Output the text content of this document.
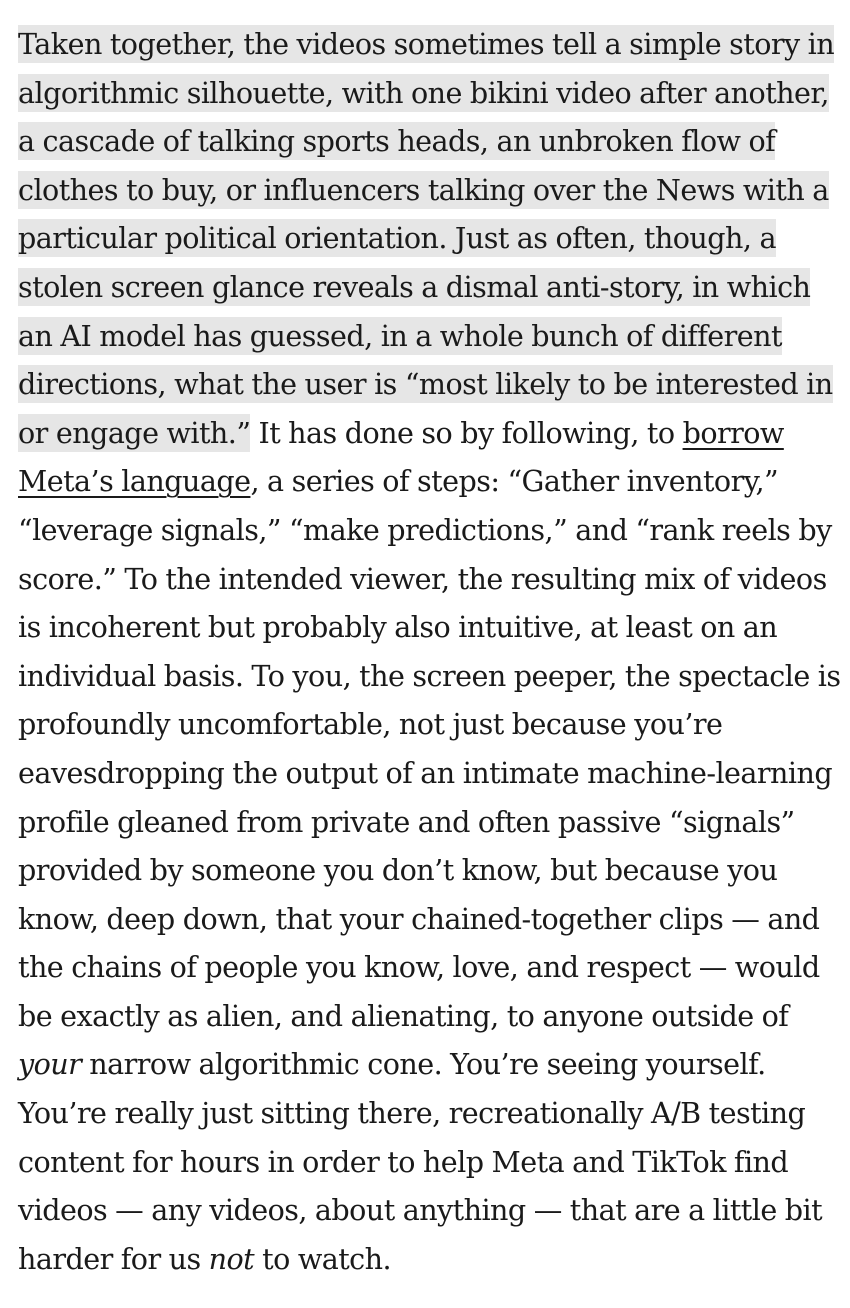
Taken together, the videos sometimes tell a simple story in algorithmic silhouette, with one bikini video after another, a cascade of talking sports heads, an unbroken flow of clothes to buy, or influencers talking over the News with a particular political orientation. Just as often, though, a stolen screen glance reveals a dismal anti-story, in which an AI model has guessed, in a whole bunch of different directions, what the user is “most likely to be interested in or engage with.” It has done so by following, to borrow Meta’s language, a series of steps: “Gather inventory,” “leverage signals,” “make predictions,” and “rank reels by score.” To the intended viewer, the resulting mix of videos is incoherent but probably also intuitive, at least on an individual basis. To you, the screen peeper, the spectacle is profoundly uncomfortable, not just because you’re eavesdropping the output of an intimate machine-learning profile gleaned from private and often passive “signals” provided by someone you don’t know, but because you know, deep down, that your chained-together clips — and the chains of people you know, love, and respect — would be exactly as alien, and alienating, to anyone outside of your narrow algorithmic cone. You’re seeing yourself. You’re really just sitting there, recreationally A/B testing content for hours in order to help Meta and TikTok find videos — any videos, about anything — that are a little bit harder for us not to watch.
